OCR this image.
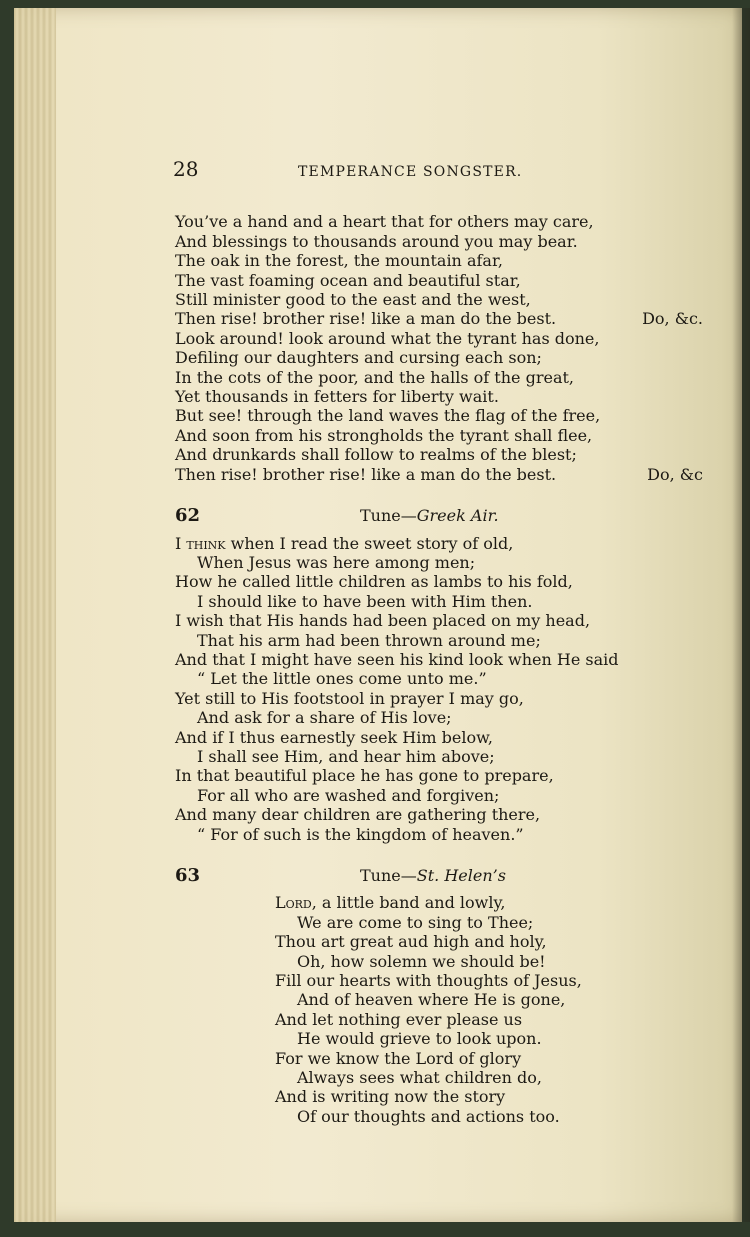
28	TEMPERANCE SONGSTER.
You’ve a hand and a heart that for others may care,
And blessings to thousands around you may bear.
The oak in the forest, the mountain afar,
The vast foaming ocean and beautiful star,
Still minister good to the east and the west,
Then rise! brother rise! like a man do the best.	Do, &c.
Look around! look around what the tyrant has done,
Defiling our daughters and cursing each son;
In the cots of the poor, and the halls of the great,
Yet thousands in fetters for liberty wait.
But see! through the land waves the flag of the free,
And soon from his strongholds the tyrant shall flee,
And drunkards shall follow to realms of the blest;
Then rise! brother rise! like a man do the best.	Do, &c
62	Tune—Greek Air.
I think when I read the sweet story of old,
When Jesus was here among men;
How he called little children as lambs to his fold,
I should like to have been with Him then.
I wish that His hands had been placed on my head,
That his arm had been thrown around me;
And that I might have seen his kind look when He said
“ Let the little ones come unto me.”
Yet still to His footstool in prayer I may go,
And ask for a share of His love;
And if I thus earnestly seek Him below,
I shall see Him, and hear him above;
In that beautiful place he has gone to prepare,
For all who are washed and forgiven;
And many dear children are gathering there,
“ For of such is the kingdom of heaven.”
63	Tune—St. Helen’s
Lord, a little band and lowly,
We are come to sing to Thee;
Thou art great aud high and holy,
Oh, how solemn we should be!
Fill our hearts with thoughts of Jesus,
And of heaven where He is gone,
And let nothing ever please us
He would grieve to look upon.
For we know the Lord of glory
Always sees what children do,
And is writing now the story
Of our thoughts and actions too.
